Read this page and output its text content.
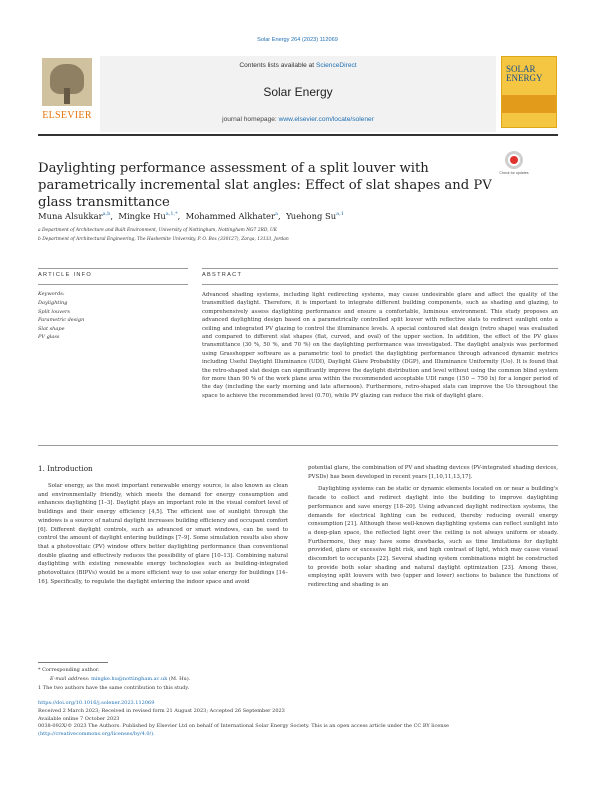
Solar Energy 264 (2023) 112069
ELSEVIER
Contents lists available at ScienceDirect
Solar Energy
journal homepage: www.elsevier.com/locate/solener
SOLAR ENERGY
Daylighting performance assessment of a split louver with parametrically incremental slat angles: Effect of slat shapes and PV glass transmittance
Check for updates
Muna Alsukkar$^{a,b}$,  Mingke $Hu^{a,1,*}$,  Mohammed Alkhater$^a$,  Yuehong Su$^{a,1}$
a Department of Architecture and Built Environment, University of Nottingham, Nottingham NG7 2RD, UK
b Department of Architectural Engineering, The Hashemite University, P. O. Box (330127), Zarqa, 13133, Jordan
ARTICLE INFO	ABSTRACT
Keywords:
Daylighting
Split louvers
Parametric design
Slat shape
PV glass
Advanced shading systems, including light redirecting systems, may cause undesirable glare and affect the quality of the transmitted daylight. Therefore, it is important to integrate different building components, such as shading and glazing, to comprehensively assess daylighting performance and ensure a comfortable, luminous environment. This study proposes an advanced daylighting design based on a parametrically controlled split louver with reflective slats to redirect sunlight onto a ceiling and integrated PV glazing to control the illuminance levels. A special contoured slat design (retro shape) was evaluated and compared to different slat shapes (flat, curved, and oval) of the upper section. In addition, the effect of the PV glass transmittance (30 %, 50 %, and 70 %) on the daylighting performance was investigated. The daylight analysis was performed using Grasshopper software as a parametric tool to predict the daylighting performance through advanced dynamic metrics including Useful Daylight Illuminance (UDI), Daylight Glare Probability (DGP), and Illuminance Uniformity (Uo). It is found that the retro-shaped slat design can significantly improve the daylight distribution and level without using the common blind system for more than 90 % of the work plane area within the recommended acceptable UDI range (150 − 750 lx) for a longer period of the day (including the early morning and late afternoon). Furthermore, retro-shaped slats can improve the Uo throughout the space to achieve the recommended level (0.70), while PV glazing can reduce the risk of daylight glare.
1. Introduction

Solar energy, as the most important renewable energy source, is also known as clean and environmentally friendly, which meets the demand for energy consumption and enhances daylighting [1–3]. Daylight plays an important role in the visual comfort level of buildings and their energy efficiency [4,5]. The efficient use of sunlight through the windows is a source of natural daylight increases building efficiency and occupant comfort [6]. Different daylight controls, such as advanced or smart windows, can be used to control the amount of daylight entering buildings [7–9]. Some simulation results also show that a photovoltaic (PV) window offers better daylighting performance than conventional double glazing and effectively reduces the possibility of glare [10–13]. Combining natural daylighting with existing renewable energy technologies such as building-integrated photovoltaics (BIPVs) would be a more efficient way to use solar energy for buildings [14–16]. Specifically, to regulate the daylight entering the indoor space and avoid

potential glare, the combination of PV and shading devices (PV-integrated shading devices, PVSDs) has been developed in recent years [1,10,11,13,17].

Daylighting systems can be static or dynamic elements located on or near a building's facade to collect and redirect daylight into the building to improve daylighting performance and save energy [18–20]. Using advanced daylight redirection systems, the demands for electrical lighting can be reduced, thereby reducing overall energy consumption [21]. Although these well-known daylighting systems can reflect sunlight into a deep-plan space, the reflected light over the ceiling is not always uniform or steady. Furthermore, they may have some drawbacks, such as time limitations for daylight provided, glare or excessive light risk, and high contrast of light, which may cause visual discomfort to occupants [22]. Several shading system combinations might be constructed to provide both solar shading and natural daylight optimization [23]. Among these, employing split louvers with two (upper and lower) sections to balance the functions of redirecting and shading is an

* Corresponding author.
E-mail address: mingke.hu@nottingham.ac.uk (M. Hu).
1 The two authors have the same contribution to this study.
https://doi.org/10.1016/j.solener.2023.112069
Received 2 March 2023; Received in revised form 21 August 2023; Accepted 26 September 2023
Available online 7 October 2023
0038-092X/© 2023 The Authors. Published by Elsevier Ltd on behalf of International Solar Energy Society. This is an open access article under the CC BY license
(http://creativecommons.org/licenses/by/4.0/).
